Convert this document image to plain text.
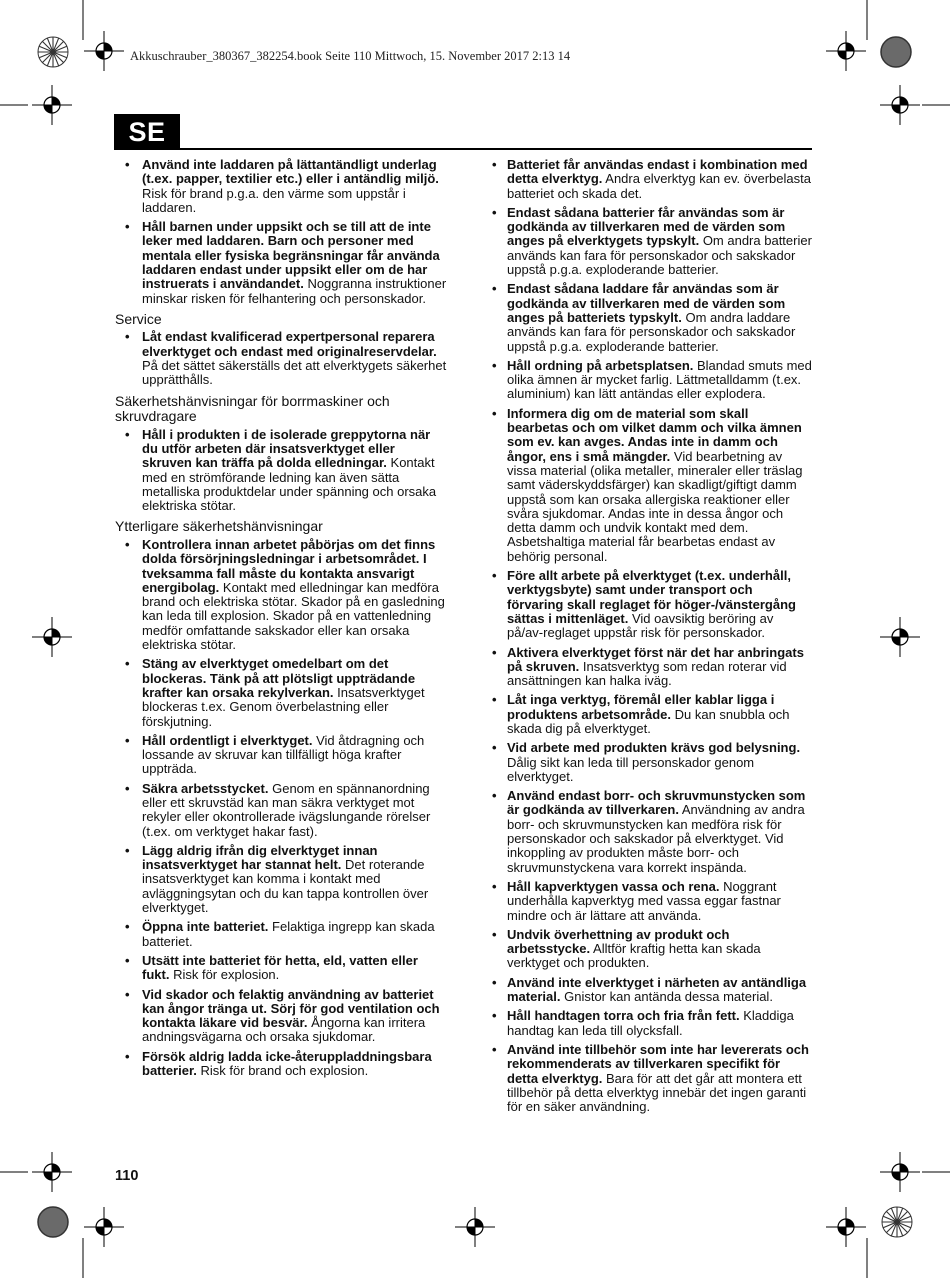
Akkuschrauber_380367_382254.book Seite 110 Mittwoch, 15. November 2017 2:13 14
SE
• Använd inte laddaren på lättantändligt underlag (t.ex. papper, textilier etc.) eller i antändlig miljö. Risk för brand p.g.a. den värme som uppstår i laddaren.
• Håll barnen under uppsikt och se till att de inte leker med laddaren. Barn och personer med mentala eller fysiska begränsningar får använda laddaren endast under uppsikt eller om de har instruerats i användandet. Noggranna instruktioner minskar risken för felhantering och personskador.
Service
• Låt endast kvalificerad expertpersonal reparera elverktyget och endast med originalreservdelar. På det sättet säkerställs det att elverktygets säkerhet upprätthålls.
Säkerhetshänvisningar för borrmaskiner och skruvdragare
• Håll i produkten i de isolerade greppytorna när du utför arbeten där insatsverktyget eller skruven kan träffa på dolda elledningar. Kontakt med en strömförande ledning kan även sätta metalliska produktdelar under spänning och orsaka elektriska stötar.
Ytterligare säkerhetshänvisningar
• Kontrollera innan arbetet påbörjas om det finns dolda försörjningsledningar i arbetsområdet. I tveksamma fall måste du kontakta ansvarigt energibolag. Kontakt med elledningar kan medföra brand och elektriska stötar. Skador på en gasledning kan leda till explosion. Skador på en vattenledning medför omfattande sakskador eller kan orsaka elektriska stötar.
• Stäng av elverktyget omedelbart om det blockeras. Tänk på att plötsligt uppträdande krafter kan orsaka rekylverkan. Insatsverktyget blockeras t.ex. Genom överbelastning eller förskjutning.
• Håll ordentligt i elverktyget. Vid åtdragning och lossande av skruvar kan tillfälligt höga krafter uppträda.
• Säkra arbetsstycket. Genom en spännanordning eller ett skruvstäd kan man säkra verktyget mot rekyler eller okontrollerade ivägslungande rörelser (t.ex. om verktyget hakar fast).
• Lägg aldrig ifrån dig elverktyget innan insatsverktyget har stannat helt. Det roterande insatsverktyget kan komma i kontakt med avläggningsytan och du kan tappa kontrollen över elverktyget.
• Öppna inte batteriet. Felaktiga ingrepp kan skada batteriet.
• Utsätt inte batteriet för hetta, eld, vatten eller fukt. Risk för explosion.
• Vid skador och felaktig användning av batteriet kan ångor tränga ut. Sörj för god ventilation och kontakta läkare vid besvär. Ångorna kan irritera andningsvägarna och orsaka sjukdomar.
• Försök aldrig ladda icke-återuppladdningsbara batterier. Risk för brand och explosion.
• Batteriet får användas endast i kombination med detta elverktyg. Andra elverktyg kan ev. överbelasta batteriet och skada det.
• Endast sådana batterier får användas som är godkända av tillverkaren med de värden som anges på elverktygets typskylt. Om andra batterier används kan fara för personskador och sakskador uppstå p.g.a. exploderande batterier.
• Endast sådana laddare får användas som är godkända av tillverkaren med de värden som anges på batteriets typskylt. Om andra laddare används kan fara för personskador och sakskador uppstå p.g.a. exploderande batterier.
• Håll ordning på arbetsplatsen. Blandad smuts med olika ämnen är mycket farlig. Lättmetalldamm (t.ex. aluminium) kan lätt antändas eller explodera.
• Informera dig om de material som skall bearbetas och om vilket damm och vilka ämnen som ev. kan avges. Andas inte in damm och ångor, ens i små mängder. Vid bearbetning av vissa material (olika metaller, mineraler eller träslag samt väderskyddsfärger) kan skadligt/giftigt damm uppstå som kan orsaka allergiska reaktioner eller svåra sjukdomar. Andas inte in dessa ångor och detta damm och undvik kontakt med dem. Asbetshaltiga material får bearbetas endast av behörig personal.
• Före allt arbete på elverktyget (t.ex. underhåll, verktygsbyte) samt under transport och förvaring skall reglaget för höger-/vänstergång sättas i mittenläget. Vid oavsiktig beröring av på/av-reglaget uppstår risk för personskador.
• Aktivera elverktyget först när det har anbringats på skruven. Insatsverktyg som redan roterar vid ansättningen kan halka iväg.
• Låt inga verktyg, föremål eller kablar ligga i produktens arbetsområde. Du kan snubbla och skada dig på elverktyget.
• Vid arbete med produkten krävs god belysning. Dålig sikt kan leda till personskador genom elverktyget.
• Använd endast borr- och skruvmunstycken som är godkända av tillverkaren. Användning av andra borr- och skruvmunstycken kan medföra risk för personskador och sakskador på elverktyget. Vid inkoppling av produkten måste borr- och skruvmunstyckena vara korrekt inspända.
• Håll kapverktygen vassa och rena. Noggrant underhålla kapverktyg med vassa eggar fastnar mindre och är lättare att använda.
• Undvik överhettning av produkt och arbetsstycke. Alltför kraftig hetta kan skada verktyget och produkten.
• Använd inte elverktyget i närheten av antändliga material. Gnistor kan antända dessa material.
• Håll handtagen torra och fria från fett. Kladdiga handtag kan leda till olycksfall.
• Använd inte tillbehör som inte har levererats och rekommenderats av tillverkaren specifikt för detta elverktyg. Bara för att det går att montera ett tillbehör på detta elverktyg innebär det ingen garanti för en säker användning.
110
